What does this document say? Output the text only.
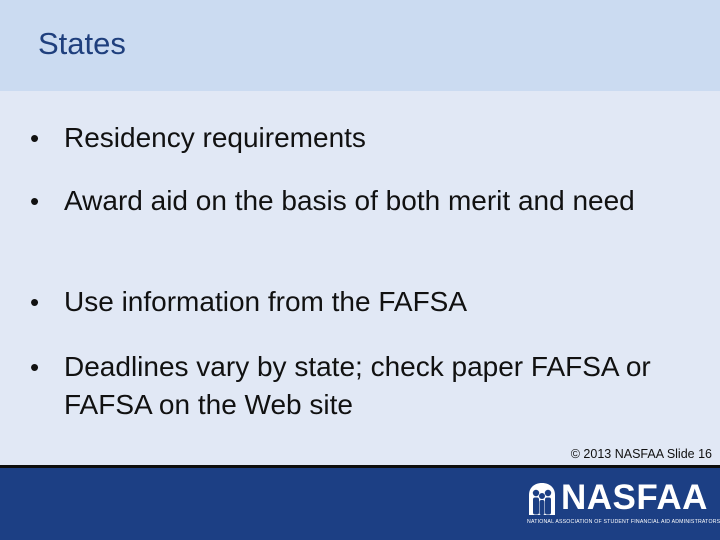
States
• Residency requirements
• Award aid on the basis of both merit and need
• Use information from the FAFSA
• Deadlines vary by state; check paper FAFSA or FAFSA on the Web site
© 2013 NASFAA Slide 16
NASFAA
NATIONAL ASSOCIATION OF STUDENT FINANCIAL AID ADMINISTRATORS
